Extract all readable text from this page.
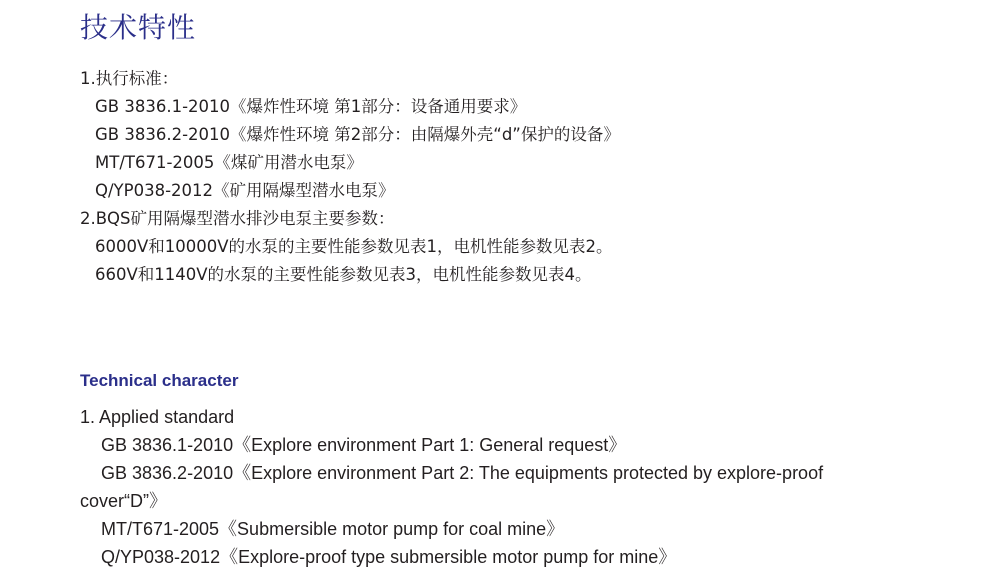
技术特性
1.执行标准：
GB 3836.1-2010《爆炸性环境 第1部分：设备通用要求》
GB 3836.2-2010《爆炸性环境 第2部分：由隔爆外壳“d”保护的设备》
MT/T671-2005《煤矿用潜水电泵》
Q/YP038-2012《矿用隔爆型潜水电泵》
2.BQS矿用隔爆型潜水排沙电泵主要参数：
6000V和10000V的水泵的主要性能参数见表1，电机性能参数见表2。
660V和1140V的水泵的主要性能参数见表3，电机性能参数见表4。
Technical character
1. Applied standard
GB 3836.1-2010《Explore environment Part 1: General request》
GB 3836.2-2010《Explore environment Part 2: The equipments protected by explore-proof
cover“D”》
MT/T671-2005《Submersible motor pump for coal mine》
Q/YP038-2012《Explore-proof type submersible motor pump for mine》
